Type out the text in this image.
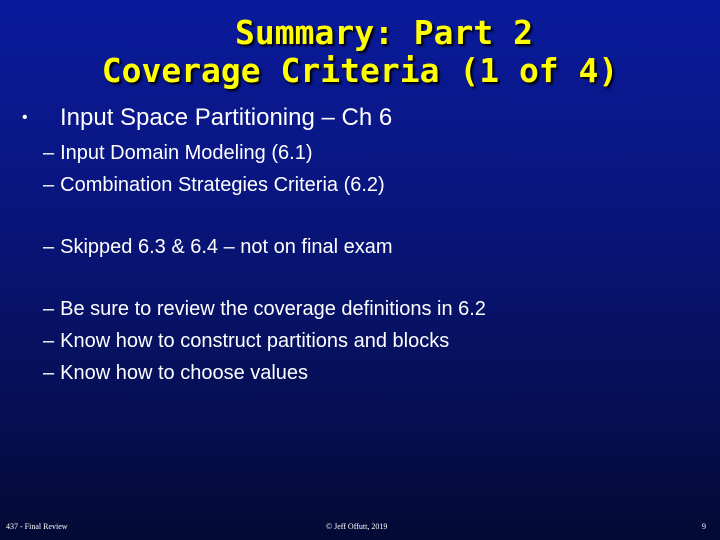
Summary: Part 2
Coverage Criteria (1 of 4)
• Input Space Partitioning – Ch 6
– Input Domain Modeling (6.1)
– Combination Strategies Criteria (6.2)
– Skipped 6.3 & 6.4 – not on final exam
– Be sure to review the coverage definitions in 6.2
– Know how to construct partitions and blocks
– Know how to choose values
437 - Final Review	© Jeff Offutt, 2019	9
